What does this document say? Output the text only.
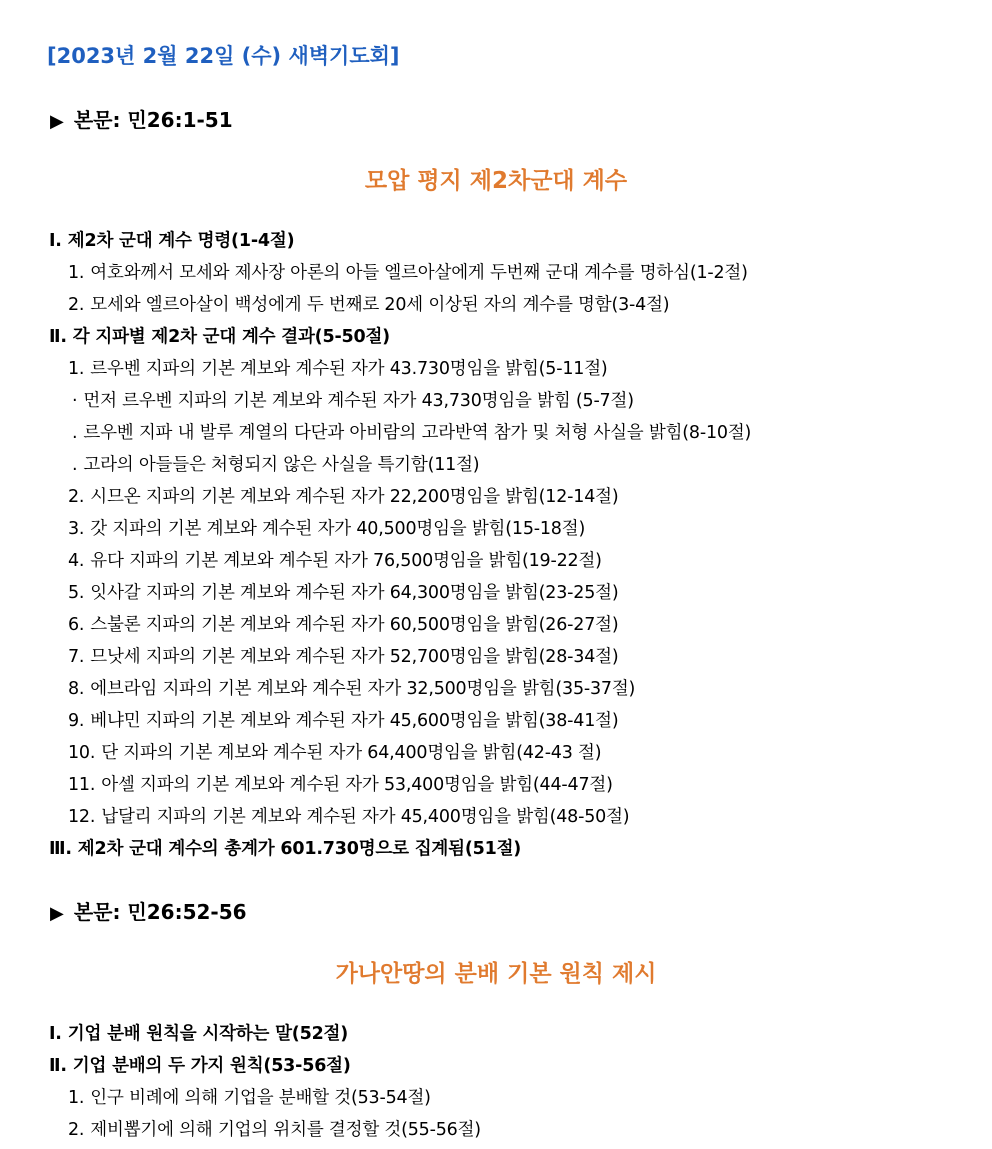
[2023년 2월 22일 (수) 새벽기도회]
▶ 본문: 민26:1-51
모압 평지 제2차군대 계수
Ⅰ. 제2차 군대 계수 명령(1-4절)
1. 여호와께서 모세와 제사장 아론의 아들 엘르아살에게 두번째 군대 계수를 명하심(1-2절)
2. 모세와 엘르아살이 백성에게 두 번째로 20세 이상된 자의 계수를 명함(3-4절)
Ⅱ. 각 지파별 제2차 군대 계수 결과(5-50절)
1. 르우벤 지파의 기본 계보와 계수된 자가 43.730명임을 밝힘(5-11절)
· 먼저 르우벤 지파의 기본 계보와 계수된 자가 43,730명임을 밝힘 (5-7절)
. 르우벤 지파 내 발루 계열의 다단과 아비람의 고라반역 참가 및 처형 사실을 밝힘(8-10절)
. 고라의 아들들은 처형되지 않은 사실을 특기함(11절)
2. 시므온 지파의 기본 계보와 계수된 자가 22,200명임을 밝힘(12-14절)
3. 갓 지파의 기본 계보와 계수된 자가 40,500명임을 밝힘(15-18절)
4. 유다 지파의 기본 계보와 계수된 자가 76,500명임을 밝힘(19-22절)
5. 잇사갈 지파의 기본 계보와 계수된 자가 64,300명임을 밝힘(23-25절)
6. 스불론 지파의 기본 계보와 계수된 자가 60,500명임을 밝힘(26-27절)
7. 므낫세 지파의 기본 계보와 계수된 자가 52,700명임을 밝힘(28-34절)
8. 에브라임 지파의 기본 계보와 계수된 자가 32,500명임을 밝힘(35-37절)
9. 베냐민 지파의 기본 계보와 계수된 자가 45,600명임을 밝힘(38-41절)
10. 단 지파의 기본 계보와 계수된 자가 64,400명임을 밝힘(42-43 절)
11. 아셀 지파의 기본 계보와 계수된 자가 53,400명임을 밝힘(44-47절)
12. 납달리 지파의 기본 계보와 계수된 자가 45,400명임을 밝힘(48-50절)
Ⅲ. 제2차 군대 계수의 총계가 601.730명으로 집계됨(51절)
▶ 본문: 민26:52-56
가나안땅의 분배 기본 원칙 제시
Ⅰ. 기업 분배 원칙을 시작하는 말(52절)
Ⅱ. 기업 분배의 두 가지 원칙(53-56절)
1. 인구 비례에 의해 기업을 분배할 것(53-54절)
2. 제비뽑기에 의해 기업의 위치를 결정할 것(55-56절)
